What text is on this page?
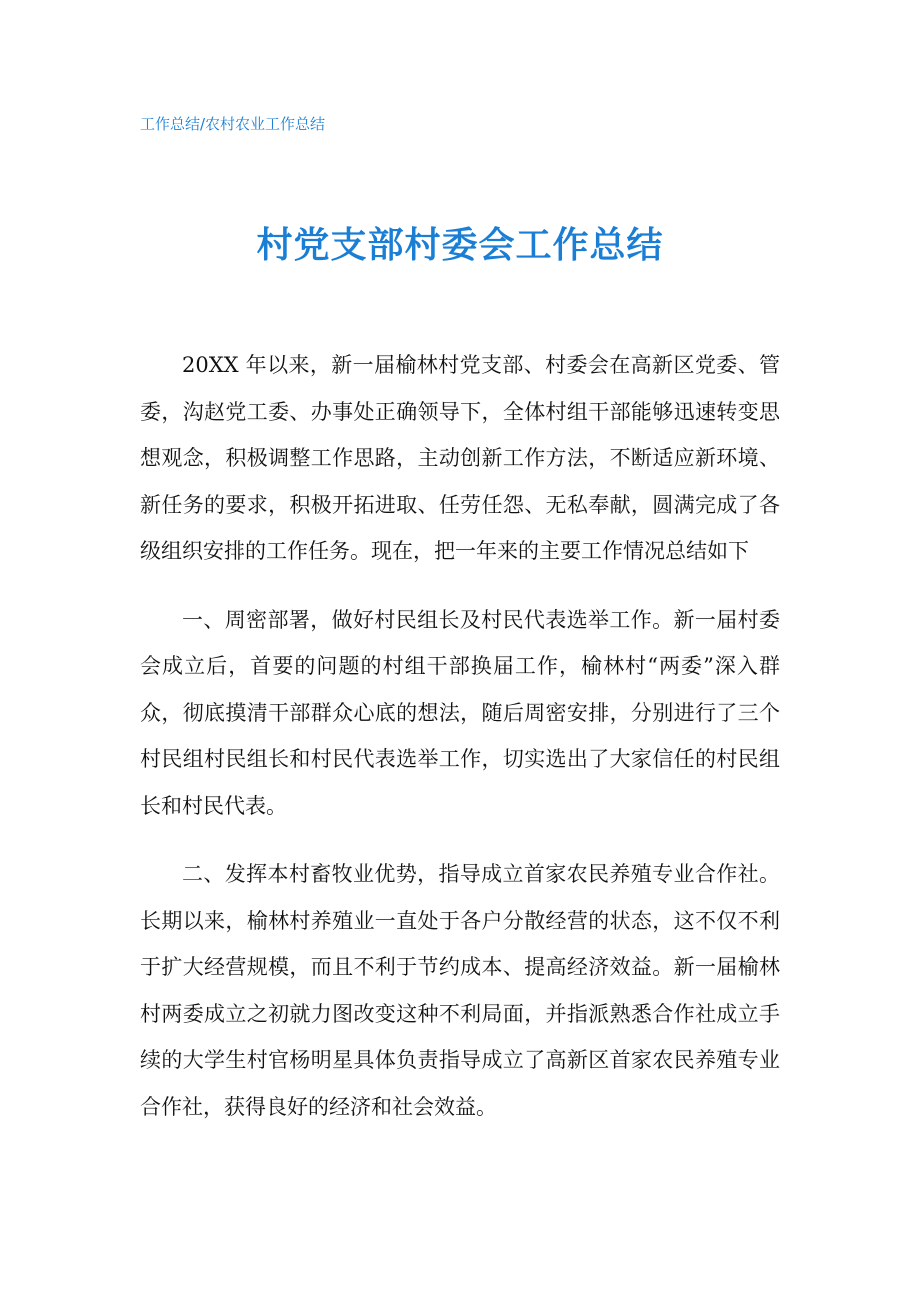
工作总结/农村农业工作总结
村党支部村委会工作总结

20XX 年以来，新一届榆林村党支部、村委会在高新区党委、管委，沟赵党工委、办事处正确领导下，全体村组干部能够迅速转变思想观念，积极调整工作思路，主动创新工作方法，不断适应新环境、新任务的要求，积极开拓进取、任劳任怨、无私奉献，圆满完成了各级组织安排的工作任务。现在，把一年来的主要工作情况总结如下

一、周密部署，做好村民组长及村民代表选举工作。新一届村委会成立后，首要的问题的村组干部换届工作，榆林村“两委”深入群众，彻底摸清干部群众心底的想法，随后周密安排，分别进行了三个村民组村民组长和村民代表选举工作，切实选出了大家信任的村民组长和村民代表。

二、发挥本村畜牧业优势，指导成立首家农民养殖专业合作社。长期以来，榆林村养殖业一直处于各户分散经营的状态，这不仅不利于扩大经营规模，而且不利于节约成本、提高经济效益。新一届榆林村两委成立之初就力图改变这种不利局面，并指派熟悉合作社成立手续的大学生村官杨明星具体负责指导成立了高新区首家农民养殖专业合作社，获得良好的经济和社会效益。
